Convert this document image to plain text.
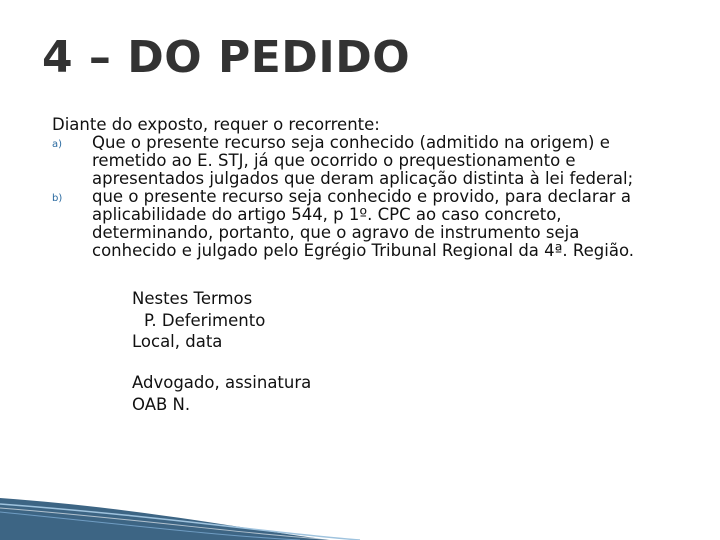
4 – DO PEDIDO

Diante do exposto, requer o recorrente:

a) Que o presente recurso seja conhecido (admitido na origem) e
remetido ao E. STJ, já que ocorrido o prequestionamento e
apresentados julgados que deram aplicação distinta à lei federal;
b) que o presente recurso seja conhecido e provido, para declarar a
aplicabilidade do artigo 544, p 1º. CPC ao caso concreto,
determinando, portanto, que o agravo de instrumento seja
conhecido e julgado pelo Egrégio Tribunal Regional da 4ª. Região.
Nestes Termos
P. Deferimento
Local, data
Advogado, assinatura
OAB N.
